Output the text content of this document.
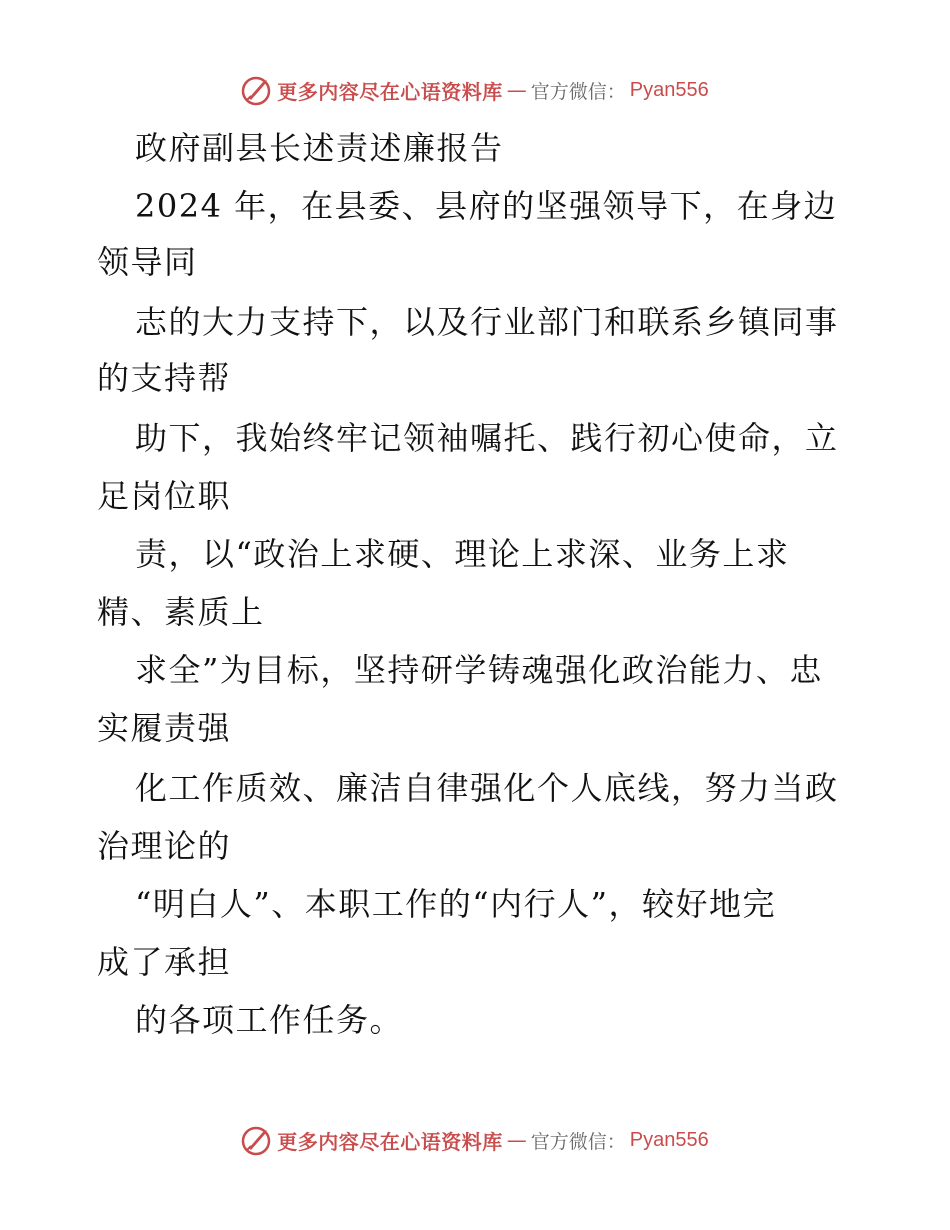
更多内容尽在心语资料库 — 官方微信： Pyan556
政府副县长述责述廉报告
2024 年，在县委、县府的坚强领导下，在身边
领导同
志的大力支持下，以及行业部门和联系乡镇同事
的支持帮
助下，我始终牢记领袖嘱托、践行初心使命，立
足岗位职
责，以“政治上求硬、理论上求深、业务上求
精、素质上
求全”为目标，坚持研学铸魂强化政治能力、忠
实履责强
化工作质效、廉洁自律强化个人底线，努力当政
治理论的
“明白人”、本职工作的“内行人”，较好地完
成了承担
的各项工作任务。
更多内容尽在心语资料库 — 官方微信： Pyan556
